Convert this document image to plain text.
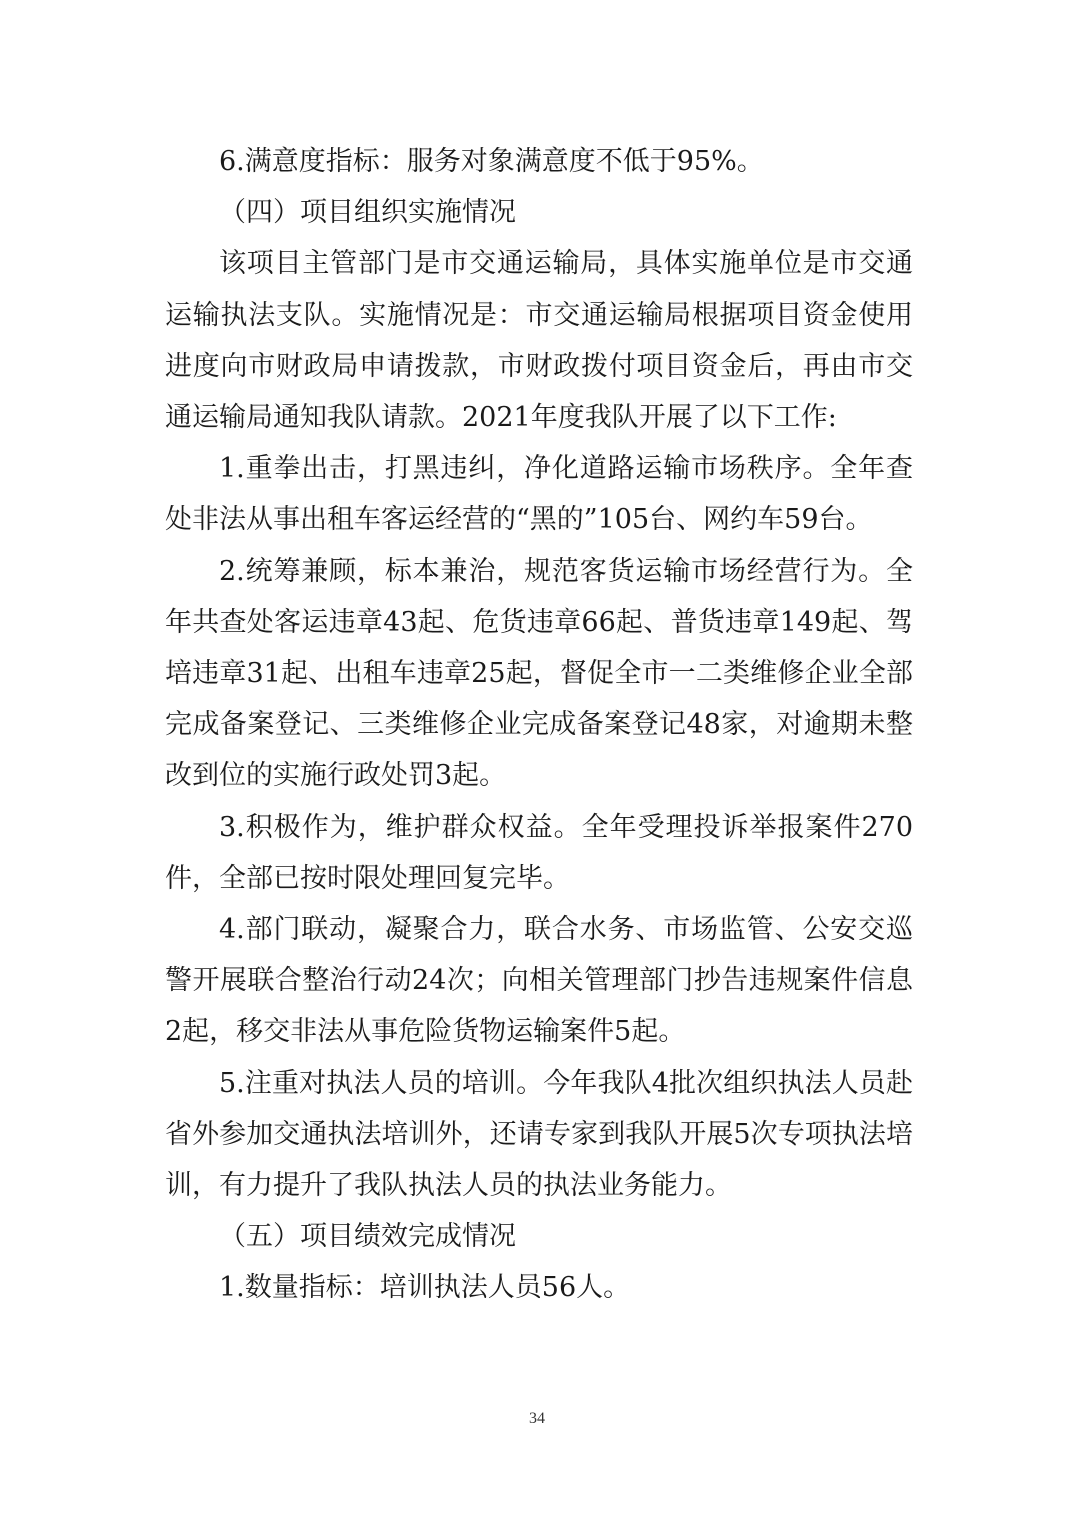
6.满意度指标：服务对象满意度不低于95%。

（四）项目组织实施情况

该项目主管部门是市交通运输局，具体实施单位是市交通运输执法支队。实施情况是：市交通运输局根据项目资金使用进度向市财政局申请拨款，市财政拨付项目资金后，再由市交通运输局通知我队请款。2021年度我队开展了以下工作:

1.重拳出击，打黑违纠，净化道路运输市场秩序。全年查处非法从事出租车客运经营的“黑的”105台、网约车59台。

2.统筹兼顾，标本兼治，规范客货运输市场经营行为。全年共查处客运违章43起、危货违章66起、普货违章149起、驾培违章31起、出租车违章25起，督促全市一二类维修企业全部完成备案登记、三类维修企业完成备案登记48家，对逾期未整改到位的实施行政处罚3起。

3.积极作为，维护群众权益。全年受理投诉举报案件270件，全部已按时限处理回复完毕。

4.部门联动，凝聚合力，联合水务、市场监管、公安交巡警开展联合整治行动24次；向相关管理部门抄告违规案件信息2起，移交非法从事危险货物运输案件5起。

5.注重对执法人员的培训。今年我队4批次组织执法人员赴省外参加交通执法培训外，还请专家到我队开展5次专项执法培训，有力提升了我队执法人员的执法业务能力。

（五）项目绩效完成情况

1.数量指标：培训执法人员56人。

34
